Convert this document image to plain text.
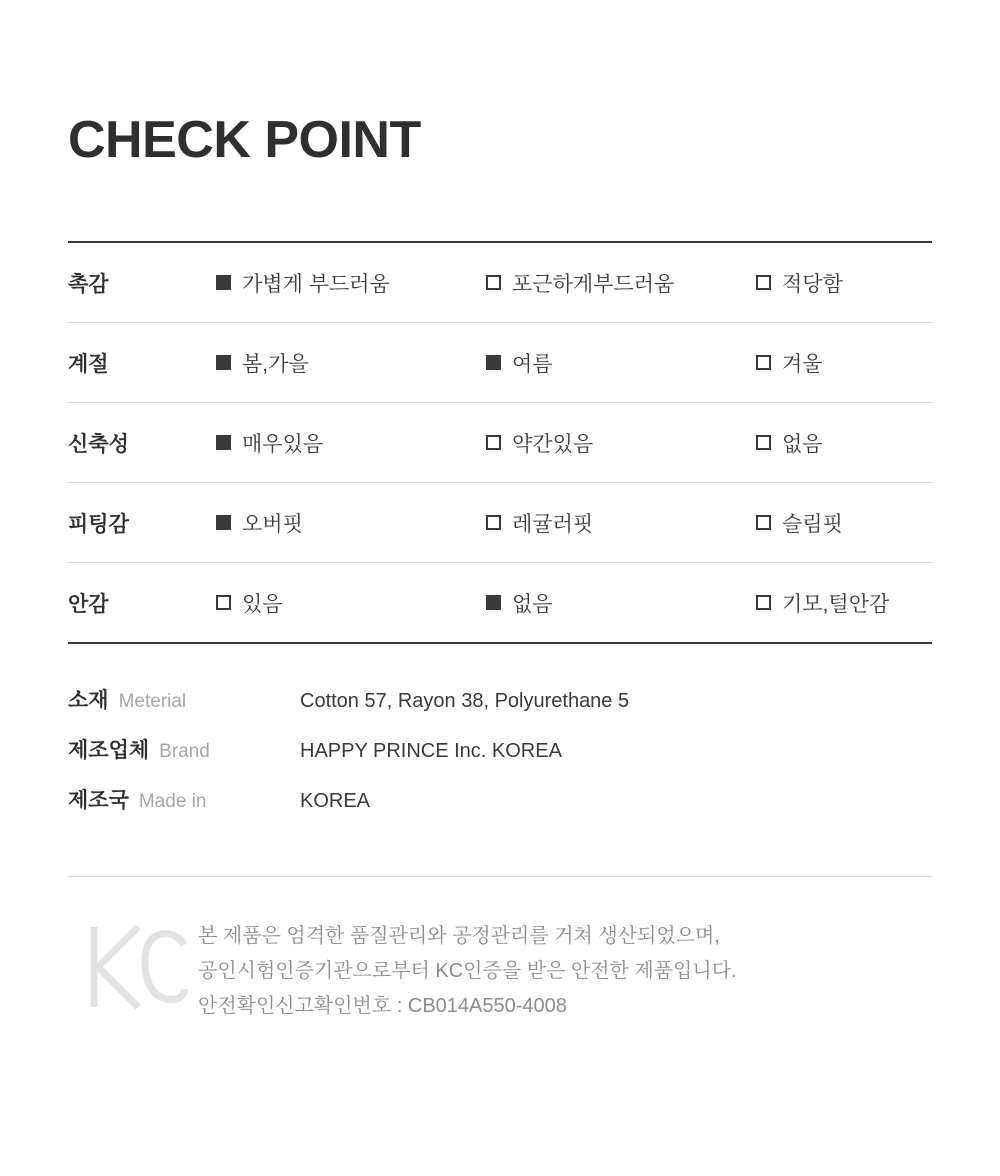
CHECK POINT
촉감	가볍게 부드러움	포근하게부드러움	적당함
계절	봄,가을	여름	겨울
신축성	매우있음	약간있음	없음
피팅감	오버핏	레귤러핏	슬림핏
안감	있음	없음	기모,털안감
소재 Meterial	Cotton 57, Rayon 38, Polyurethane 5
제조업체 Brand	HAPPY PRINCE Inc. KOREA
제조국 Made in	KOREA
본 제품은 엄격한 품질관리와 공정관리를 거쳐 생산되었으며,
공인시험인증기관으로부터 KC인증을 받은 안전한 제품입니다.
안전확인신고확인번호 : CB014A550-4008
